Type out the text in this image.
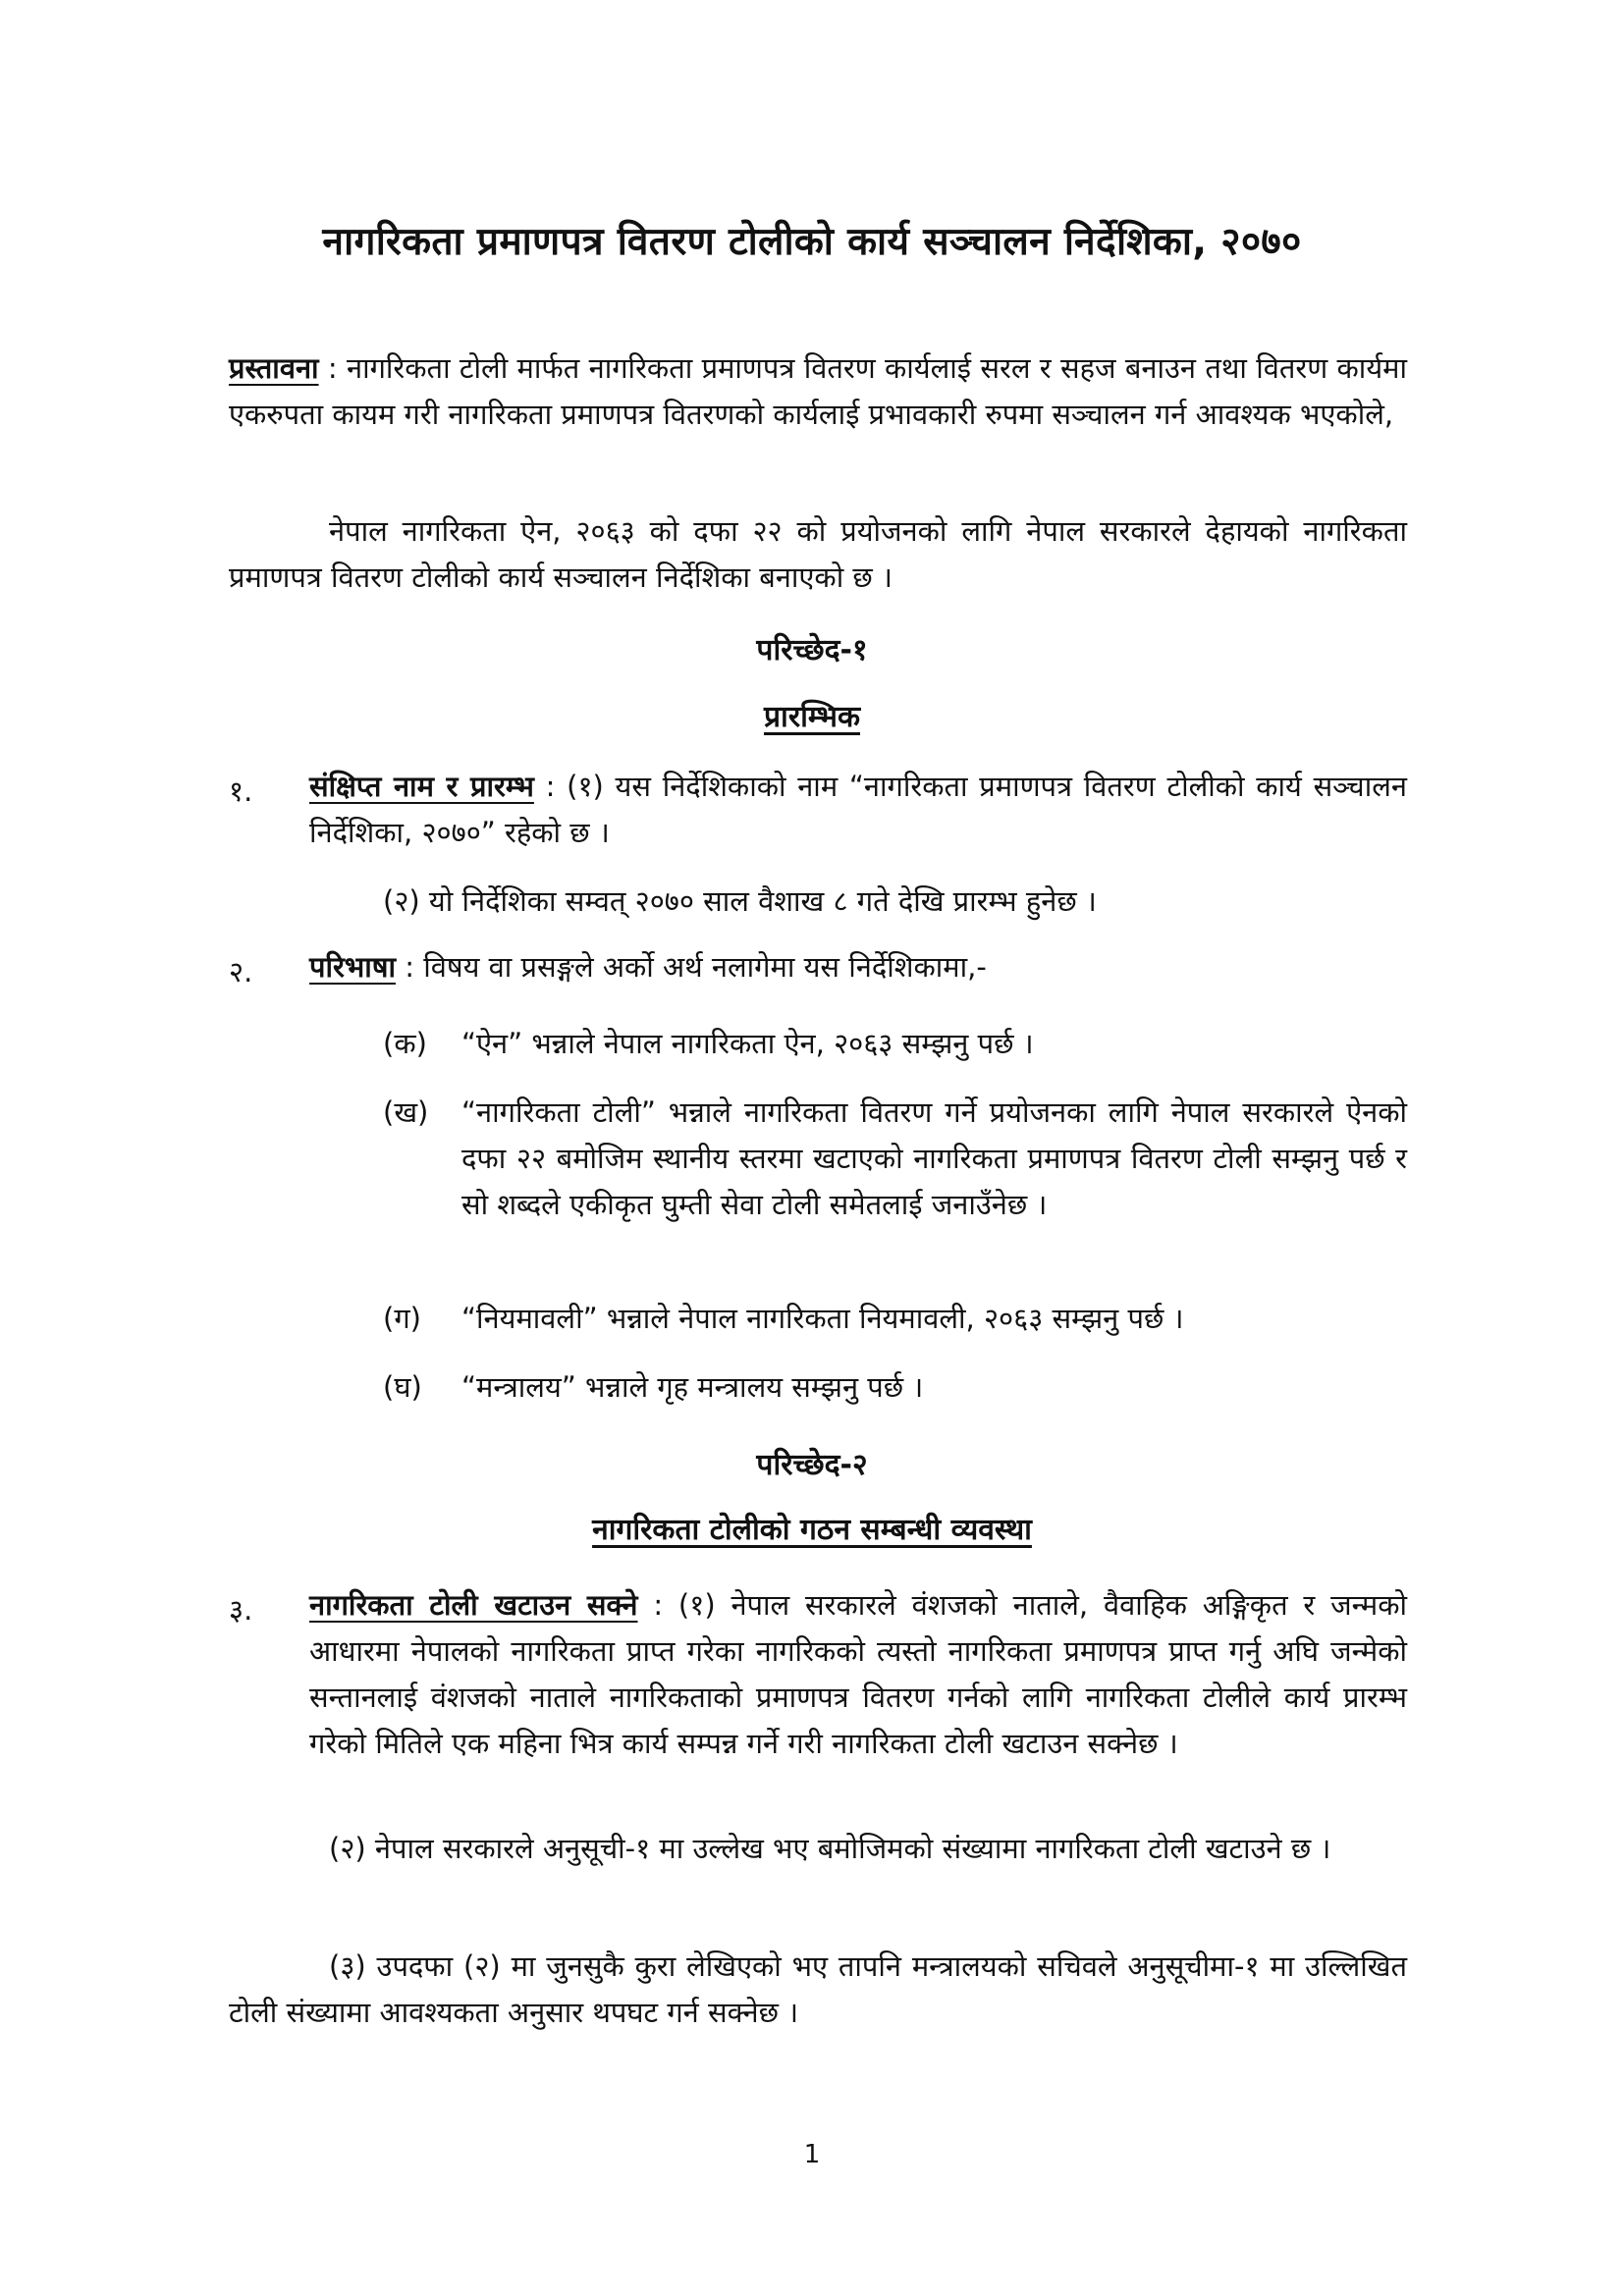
नागरिकता प्रमाणपत्र वितरण टोलीको कार्य सञ्चालन निर्देशिका, २०७०
प्रस्तावना : नागरिकता टोली मार्फत नागरिकता प्रमाणपत्र वितरण कार्यलाई सरल र सहज बनाउन तथा वितरण कार्यमा एकरुपता कायम गरी नागरिकता प्रमाणपत्र वितरणको कार्यलाई प्रभावकारी रुपमा सञ्चालन गर्न आवश्यक भएकोले,
नेपाल नागरिकता ऐन, २०६३ को दफा २२ को प्रयोजनको लागि नेपाल सरकारले देहायको नागरिकता प्रमाणपत्र वितरण टोलीको कार्य सञ्चालन निर्देशिका बनाएको छ ।
परिच्छेद-१
प्रारम्भिक
१. संक्षिप्त नाम र प्रारम्भ : (१) यस निर्देशिकाको नाम “नागरिकता प्रमाणपत्र वितरण टोलीको कार्य सञ्चालन निर्देशिका, २०७०” रहेको छ ।
(२) यो निर्देशिका सम्वत् २०७० साल वैशाख ८ गते देखि प्रारम्भ हुनेछ ।
२. परिभाषा : विषय वा प्रसङ्गले अर्को अर्थ नलागेमा यस निर्देशिकामा,-
(क) “ऐन” भन्नाले नेपाल नागरिकता ऐन, २०६३ सम्झनु पर्छ ।
(ख) “नागरिकता टोली” भन्नाले नागरिकता वितरण गर्ने प्रयोजनका लागि नेपाल सरकारले ऐनको दफा २२ बमोजिम स्थानीय स्तरमा खटाएको नागरिकता प्रमाणपत्र वितरण टोली सम्झनु पर्छ र सो शब्दले एकीकृत घुम्ती सेवा टोली समेतलाई जनाउँनेछ ।
(ग) “नियमावली” भन्नाले नेपाल नागरिकता नियमावली, २०६३ सम्झनु पर्छ ।
(घ) “मन्त्रालय” भन्नाले गृह मन्त्रालय सम्झनु पर्छ ।
परिच्छेद-२
नागरिकता टोलीको गठन सम्बन्धी व्यवस्था
३. नागरिकता टोली खटाउन सक्ने : (१) नेपाल सरकारले वंशजको नाताले, वैवाहिक अङ्गिकृत र जन्मको आधारमा नेपालको नागरिकता प्राप्त गरेका नागरिकको त्यस्तो नागरिकता प्रमाणपत्र प्राप्त गर्नु अघि जन्मेको सन्तानलाई वंशजको नाताले नागरिकताको प्रमाणपत्र वितरण गर्नको लागि नागरिकता टोलीले कार्य प्रारम्भ गरेको मितिले एक महिना भित्र कार्य सम्पन्न गर्ने गरी नागरिकता टोली खटाउन सक्नेछ ।
(२) नेपाल सरकारले अनुसूची-१ मा उल्लेख भए बमोजिमको संख्यामा नागरिकता टोली खटाउने छ ।
(३) उपदफा (२) मा जुनसुकै कुरा लेखिएको भए तापनि मन्त्रालयको सचिवले अनुसूचीमा-१ मा उल्लिखित टोली संख्यामा आवश्यकता अनुसार थपघट गर्न सक्नेछ ।
1
